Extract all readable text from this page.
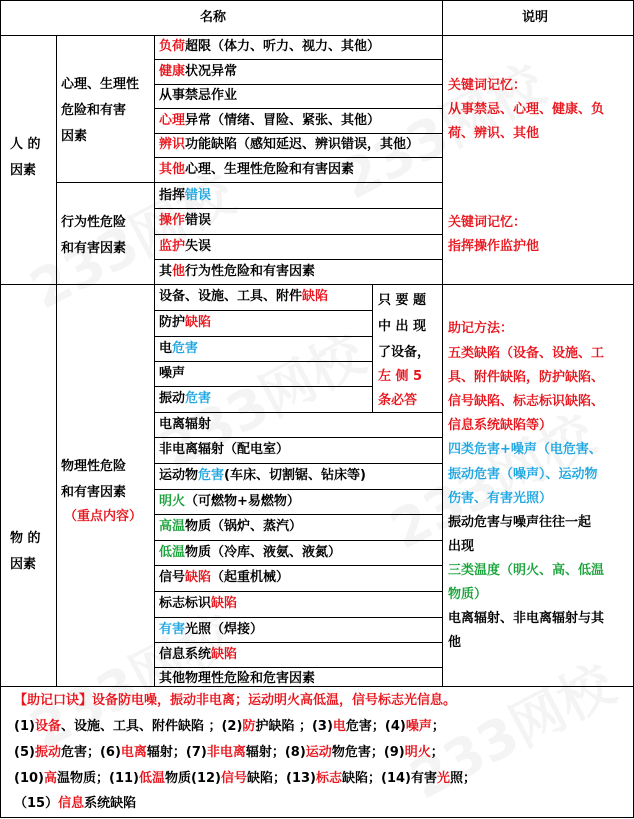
名称	说明
人 的
因素
心理、生理性
危险和有害
因素
负荷超限（体力、听力、视力、其他）
健康状况异常
从事禁忌作业
心理异常（情绪、冒险、紧张、其他）
辨识功能缺陷（感知延迟、辨识错误，其他）
其他心理、生理性危险和有害因素
关键词记忆：
从事禁忌、心理、健康、负
荷、辨识、其他
行为性危险
和有害因素
指挥错误
操作错误
监护失误
其他行为性危险和有害因素
关键词记忆：
指挥操作监护他
物 的
因素
物理性危险
和有害因素
（重点内容）
设备、设施、工具、附件缺陷
防护缺陷
电危害
噪声
振动危害
电离辐射
非电离辐射（配电室）
运动物危害(车床、切割锯、钻床等)
明火（可燃物+易燃物）
高温物质（锅炉、蒸汽）
低温物质（冷库、液氨、液氮）
信号缺陷（起重机械）
标志标识缺陷
有害光照（焊接）
信息系统缺陷
其他物理性危险和危害因素
只 要 题
中 出 现
了设备，
左 侧 5
条必答
助记方法：
五类缺陷（设备、设施、工
具、附件缺陷，防护缺陷、
信号缺陷、标志标识缺陷、
信息系统缺陷等）
四类危害+噪声（电危害、
振动危害（噪声）、运动物
伤害、有害光照）
振动危害与噪声往往一起
出现
三类温度（明火、高、低温
物质）
电离辐射、非电离辐射与其
他
【助记口诀】设备防电噪，振动非电离；运动明火高低温，信号标志光信息。
(1)设备、设施、工具、附件缺陷 ；(2)防护缺陷 ；(3)电危害；(4)噪声；
(5)振动危害；(6)电离辐射；(7)非电离辐射；(8)运动物危害；(9)明火；
(10)高温物质；(11)低温物质(12)信号缺陷；(13)标志缺陷；(14)有害光照；
（15）信息系统缺陷
